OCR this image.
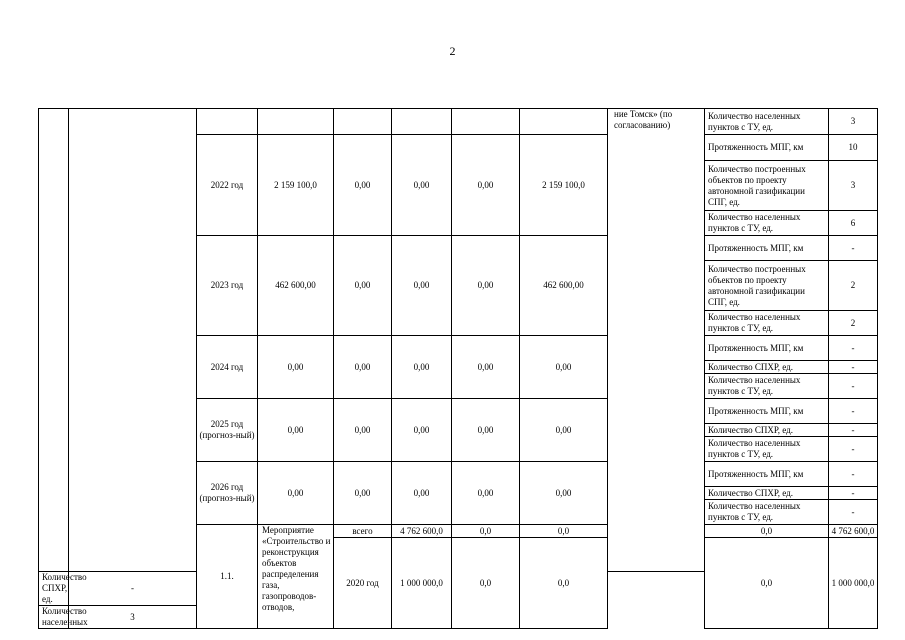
2
								ние Томск» (по согласованию)	Количество населенных пунктов с ТУ, ед.	3	
		2022 год	2 159 100,0	0,00	0,00	0,00	2 159 100,0		Протяженность МПГ, км	10	
									Количество построенных объектов по проекту автономной газификации СПГ, ед.	3	
									Количество населенных пунктов с ТУ, ед.	6	
		2023 год	462 600,00	0,00	0,00	0,00	462 600,00		Протяженность МПГ, км	-	
									Количество построенных объектов по проекту автономной газификации СПГ, ед.	2	
									Количество населенных пунктов с ТУ, ед.	2	
		2024 год	0,00	0,00	0,00	0,00	0,00		Протяженность МПГ, км	-	
									Количество СПХР, ед.	-	
									Количество населенных пунктов с ТУ, ед.	-	
		2025 год (прогноз-ный)	0,00	0,00	0,00	0,00	0,00		Протяженность МПГ, км	-	
									Количество СПХР, ед.	-	
									Количество населенных пунктов с ТУ, ед.	-	
		2026 год (прогноз-ный)	0,00	0,00	0,00	0,00	0,00		Протяженность МПГ, км	-	
									Количество СПХР, ед.	-	
									Количество населенных пунктов с ТУ, ед.	-	
		1.1.	Мероприятие «Строительство и реконструкция объектов распределения газа, газопроводов-отводов,	всего	4 762 600,0	0,0	0,0		0,0	4 762 600,0			
				2020 год	1 000 000,0	0,0	0,0		0,0	1 000 000,0		
Количество СПХР, ед.	-										
Количество населенных	3										
